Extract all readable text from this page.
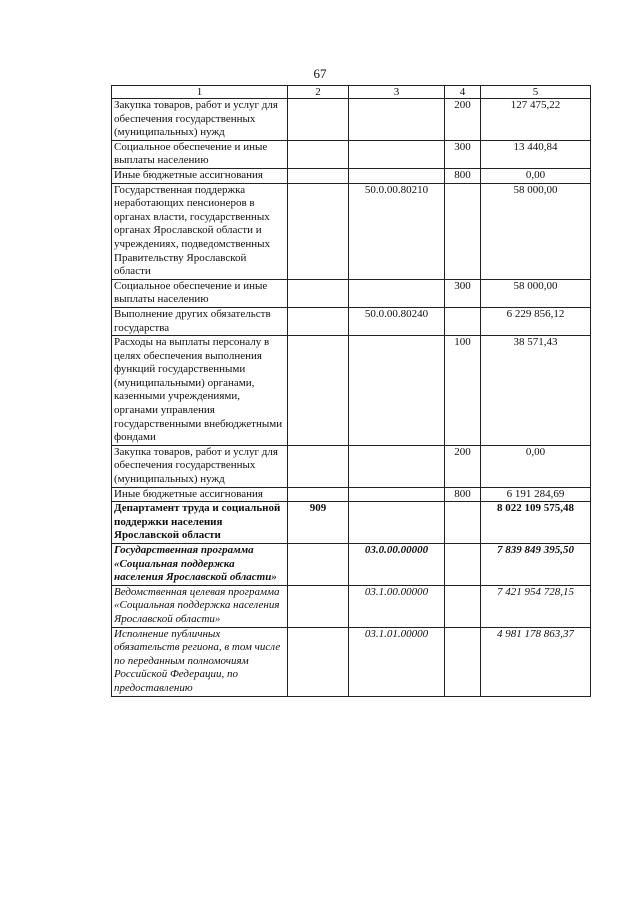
67
1	2	3	4	5
Закупка товаров, работ и услуг для обеспечения государственных (муниципальных) нужд			200	127 475,22
Социальное обеспечение и иные выплаты населению			300	13 440,84
Иные бюджетные ассигнования			800	0,00
Государственная поддержка неработающих пенсионеров в органах власти, государственных органах Ярославской области и учреждениях, подведомственных Правительству Ярославской области		50.0.00.80210		58 000,00
Социальное обеспечение и иные выплаты населению			300	58 000,00
Выполнение других обязательств государства		50.0.00.80240		6 229 856,12
Расходы на выплаты персоналу в целях обеспечения выполнения функций государственными (муниципальными) органами, казенными учреждениями, органами управления государственными внебюджетными фондами			100	38 571,43
Закупка товаров, работ и услуг для обеспечения государственных (муниципальных) нужд			200	0,00
Иные бюджетные ассигнования			800	6 191 284,69
Департамент труда и социальной поддержки населения Ярославской области	909			8 022 109 575,48
Государственная программа «Социальная поддержка населения Ярославской области»		03.0.00.00000		7 839 849 395,50
Ведомственная целевая программа «Социальная поддержка населения Ярославской области»		03.1.00.00000		7 421 954 728,15
Исполнение публичных обязательств региона, в том числе по переданным полномочиям Российской Федерации, по предоставлению		03.1.01.00000		4 981 178 863,37
